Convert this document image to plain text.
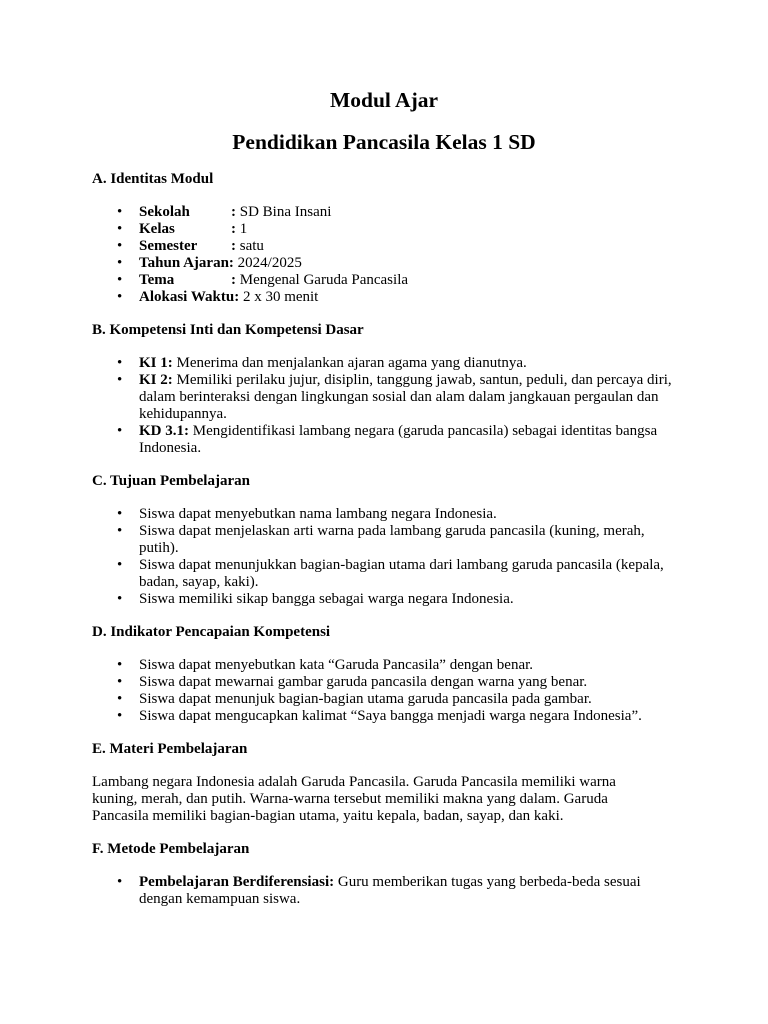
Modul Ajar
Pendidikan Pancasila Kelas 1 SD

A. Identitas Modul

• Sekolah	: SD Bina Insani
• Kelas	: 1
• Semester : satu
• Tahun Ajaran: 2024/2025
• Tema	: Mengenal Garuda Pancasila
• Alokasi Waktu: 2 x 30 menit

B. Kompetensi Inti dan Kompetensi Dasar

• KI 1: Menerima dan menjalankan ajaran agama yang dianutnya.
• KI 2: Memiliki perilaku jujur, disiplin, tanggung jawab, santun, peduli, dan percaya diri, dalam berinteraksi dengan lingkungan sosial dan alam dalam jangkauan pergaulan dan kehidupannya.
• KD 3.1: Mengidentifikasi lambang negara (garuda pancasila) sebagai identitas bangsa Indonesia.

C. Tujuan Pembelajaran

• Siswa dapat menyebutkan nama lambang negara Indonesia.
• Siswa dapat menjelaskan arti warna pada lambang garuda pancasila (kuning, merah, putih).
• Siswa dapat menunjukkan bagian-bagian utama dari lambang garuda pancasila (kepala, badan, sayap, kaki).
• Siswa memiliki sikap bangga sebagai warga negara Indonesia.

D. Indikator Pencapaian Kompetensi

• Siswa dapat menyebutkan kata “Garuda Pancasila” dengan benar.
• Siswa dapat mewarnai gambar garuda pancasila dengan warna yang benar.
• Siswa dapat menunjuk bagian-bagian utama garuda pancasila pada gambar.
• Siswa dapat mengucapkan kalimat “Saya bangga menjadi warga negara Indonesia”.

E. Materi Pembelajaran

Lambang negara Indonesia adalah Garuda Pancasila. Garuda Pancasila memiliki warna kuning, merah, dan putih. Warna-warna tersebut memiliki makna yang dalam. Garuda Pancasila memiliki bagian-bagian utama, yaitu kepala, badan, sayap, dan kaki.

F. Metode Pembelajaran

• Pembelajaran Berdiferensiasi: Guru memberikan tugas yang berbeda-beda sesuai dengan kemampuan siswa.
